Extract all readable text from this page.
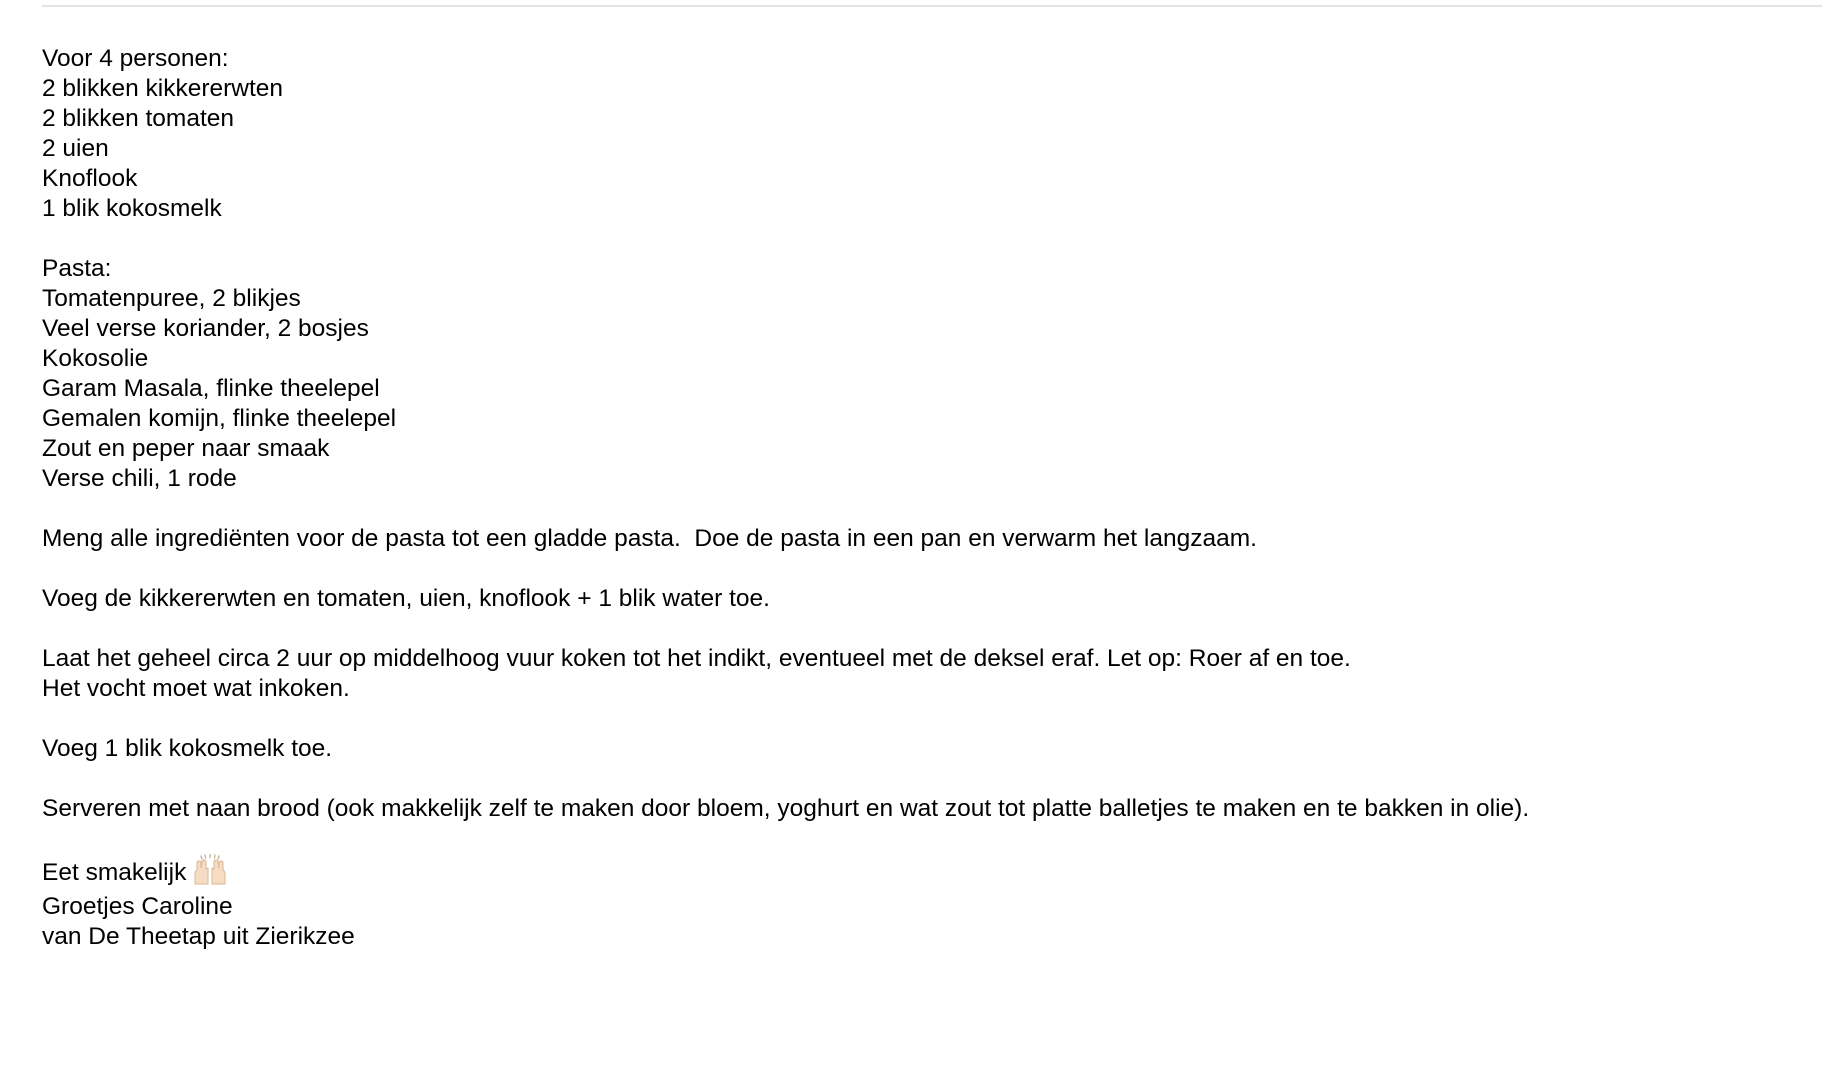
Voor 4 personen:
2 blikken kikkererwten
2 blikken tomaten
2 uien
Knoflook
1 blik kokosmelk
Pasta:
Tomatenpuree, 2 blikjes
Veel verse koriander, 2 bosjes
Kokosolie
Garam Masala, flinke theelepel
Gemalen komijn, flinke theelepel
Zout en peper naar smaak
Verse chili, 1 rode
Meng alle ingrediënten voor de pasta tot een gladde pasta.  Doe de pasta in een pan en verwarm het langzaam.
Voeg de kikkererwten en tomaten, uien, knoflook + 1 blik water toe.
Laat het geheel circa 2 uur op middelhoog vuur koken tot het indikt, eventueel met de deksel eraf. Let op: Roer af en toe.
Het vocht moet wat inkoken.
Voeg 1 blik kokosmelk toe.
Serveren met naan brood (ook makkelijk zelf te maken door bloem, yoghurt en wat zout tot platte balletjes te maken en te bakken in olie).
Eet smakelijk
Groetjes Caroline
van De Theetap uit Zierikzee
